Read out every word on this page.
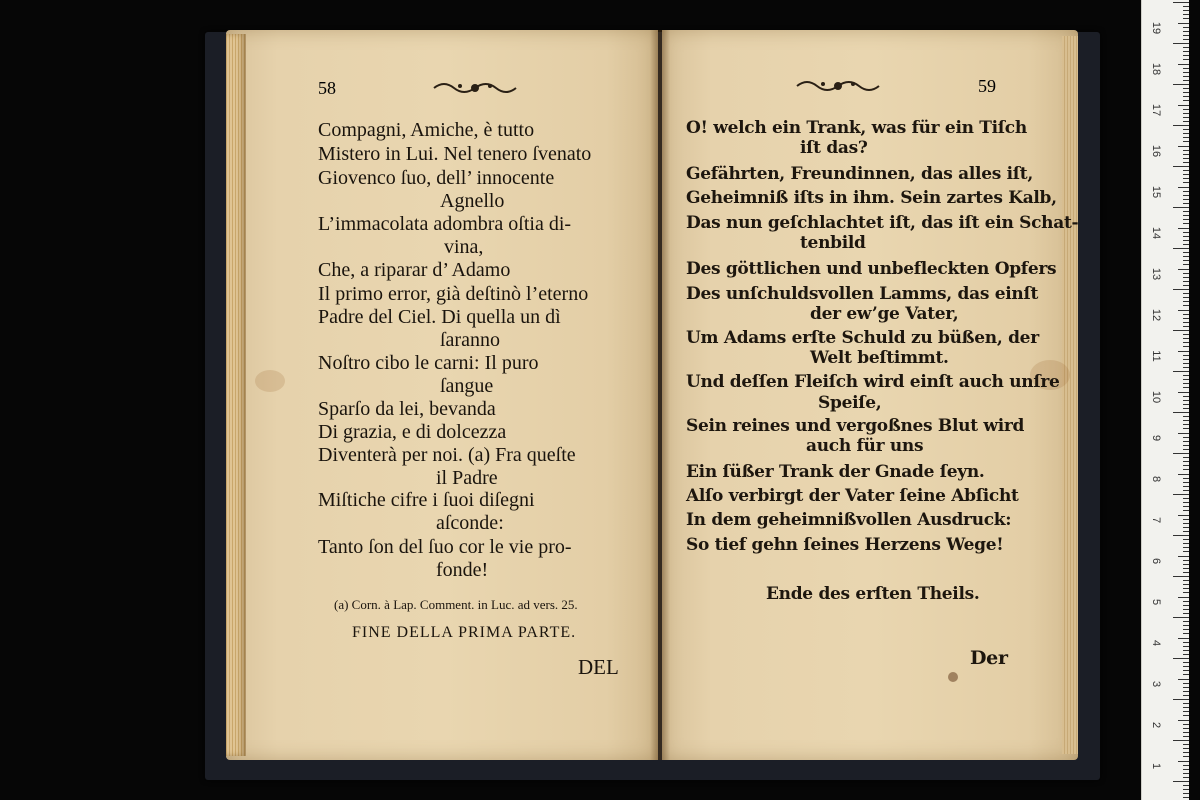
58
Compagni, Amiche, è tutto
Mistero in Lui. Nel tenero ſvenato
Giovenco ſuo, dell’ innocente
Agnello
L’immacolata adombra oſtia di-
vina,
Che, a riparar d’ Adamo
Il primo error, già deſtinò l’eterno
Padre del Ciel. Di quella un dì
ſaranno
Noſtro cibo le carni: Il puro
ſangue
Sparſo da lei, bevanda
Di grazia, e di dolcezza
Diventerà per noi. (a) Fra queſte
il Padre
Miſtiche cifre i ſuoi diſegni
aſconde:
Tanto ſon del ſuo cor le vie pro-
fonde!
(a) Corn. à Lap. Comment. in Luc. ad vers. 25.
FINE DELLA PRIMA PARTE.
DEL
59
O! welch ein Trank, was für ein Tiſch
iſt das?
Gefährten, Freundinnen, das alles iſt,
Geheimniß iſts in ihm. Sein zartes Kalb,
Das nun geſchlachtet iſt, das iſt ein Schat-
tenbild
Des göttlichen und unbefleckten Opfers
Des unſchuldsvollen Lamms, das einſt
der ew’ge Vater,
Um Adams erſte Schuld zu büßen, der
Welt beſtimmt.
Und deſſen Fleiſch wird einſt auch unſre
Speiſe,
Sein reines und vergoßnes Blut wird
auch für uns
Ein ſüßer Trank der Gnade ſeyn.
Alſo verbirgt der Vater ſeine Abſicht
In dem geheimnißvollen Ausdruck:
So tief gehn ſeines Herzens Wege!
Ende des erſten Theils.
Der
19
18
17
16
15
14
13
12
11
10
9
8
7
6
5
4
3
2
1
